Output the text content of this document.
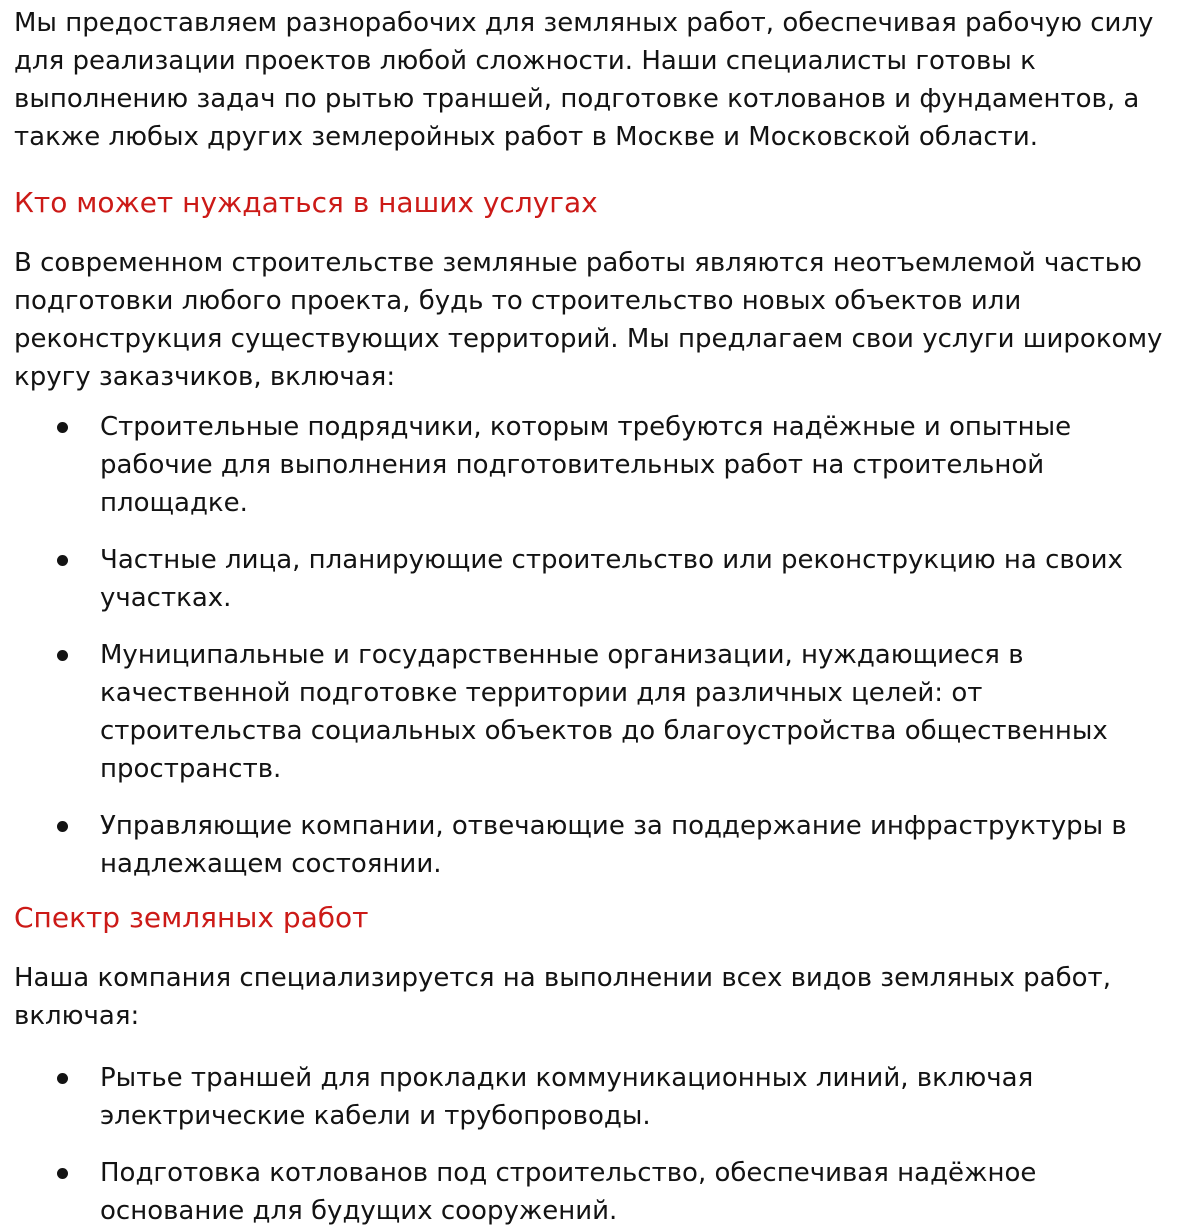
Мы предоставляем разнорабочих для земляных работ, обеспечивая рабочую силу для реализации проектов любой сложности. Наши специалисты готовы к выполнению задач по рытью траншей, подготовке котлованов и фундаментов, а также любых других землеройных работ в Москве и Московской области.

Кто может нуждаться в наших услугах

В современном строительстве земляные работы являются неотъемлемой частью подготовки любого проекта, будь то строительство новых объектов или реконструкция существующих территорий. Мы предлагаем свои услуги широкому кругу заказчиков, включая:

Строительные подрядчики, которым требуются надёжные и опытные рабочие для выполнения подготовительных работ на строительной площадке.
Частные лица, планирующие строительство или реконструкцию на своих участках.
Муниципальные и государственные организации, нуждающиеся в качественной подготовке территории для различных целей: от строительства социальных объектов до благоустройства общественных пространств.
Управляющие компании, отвечающие за поддержание инфраструктуры в надлежащем состоянии.
Спектр земляных работ

Наша компания специализируется на выполнении всех видов земляных работ, включая:

Рытье траншей для прокладки коммуникационных линий, включая электрические кабели и трубопроводы.
Подготовка котлованов под строительство, обеспечивая надёжное основание для будущих сооружений.
